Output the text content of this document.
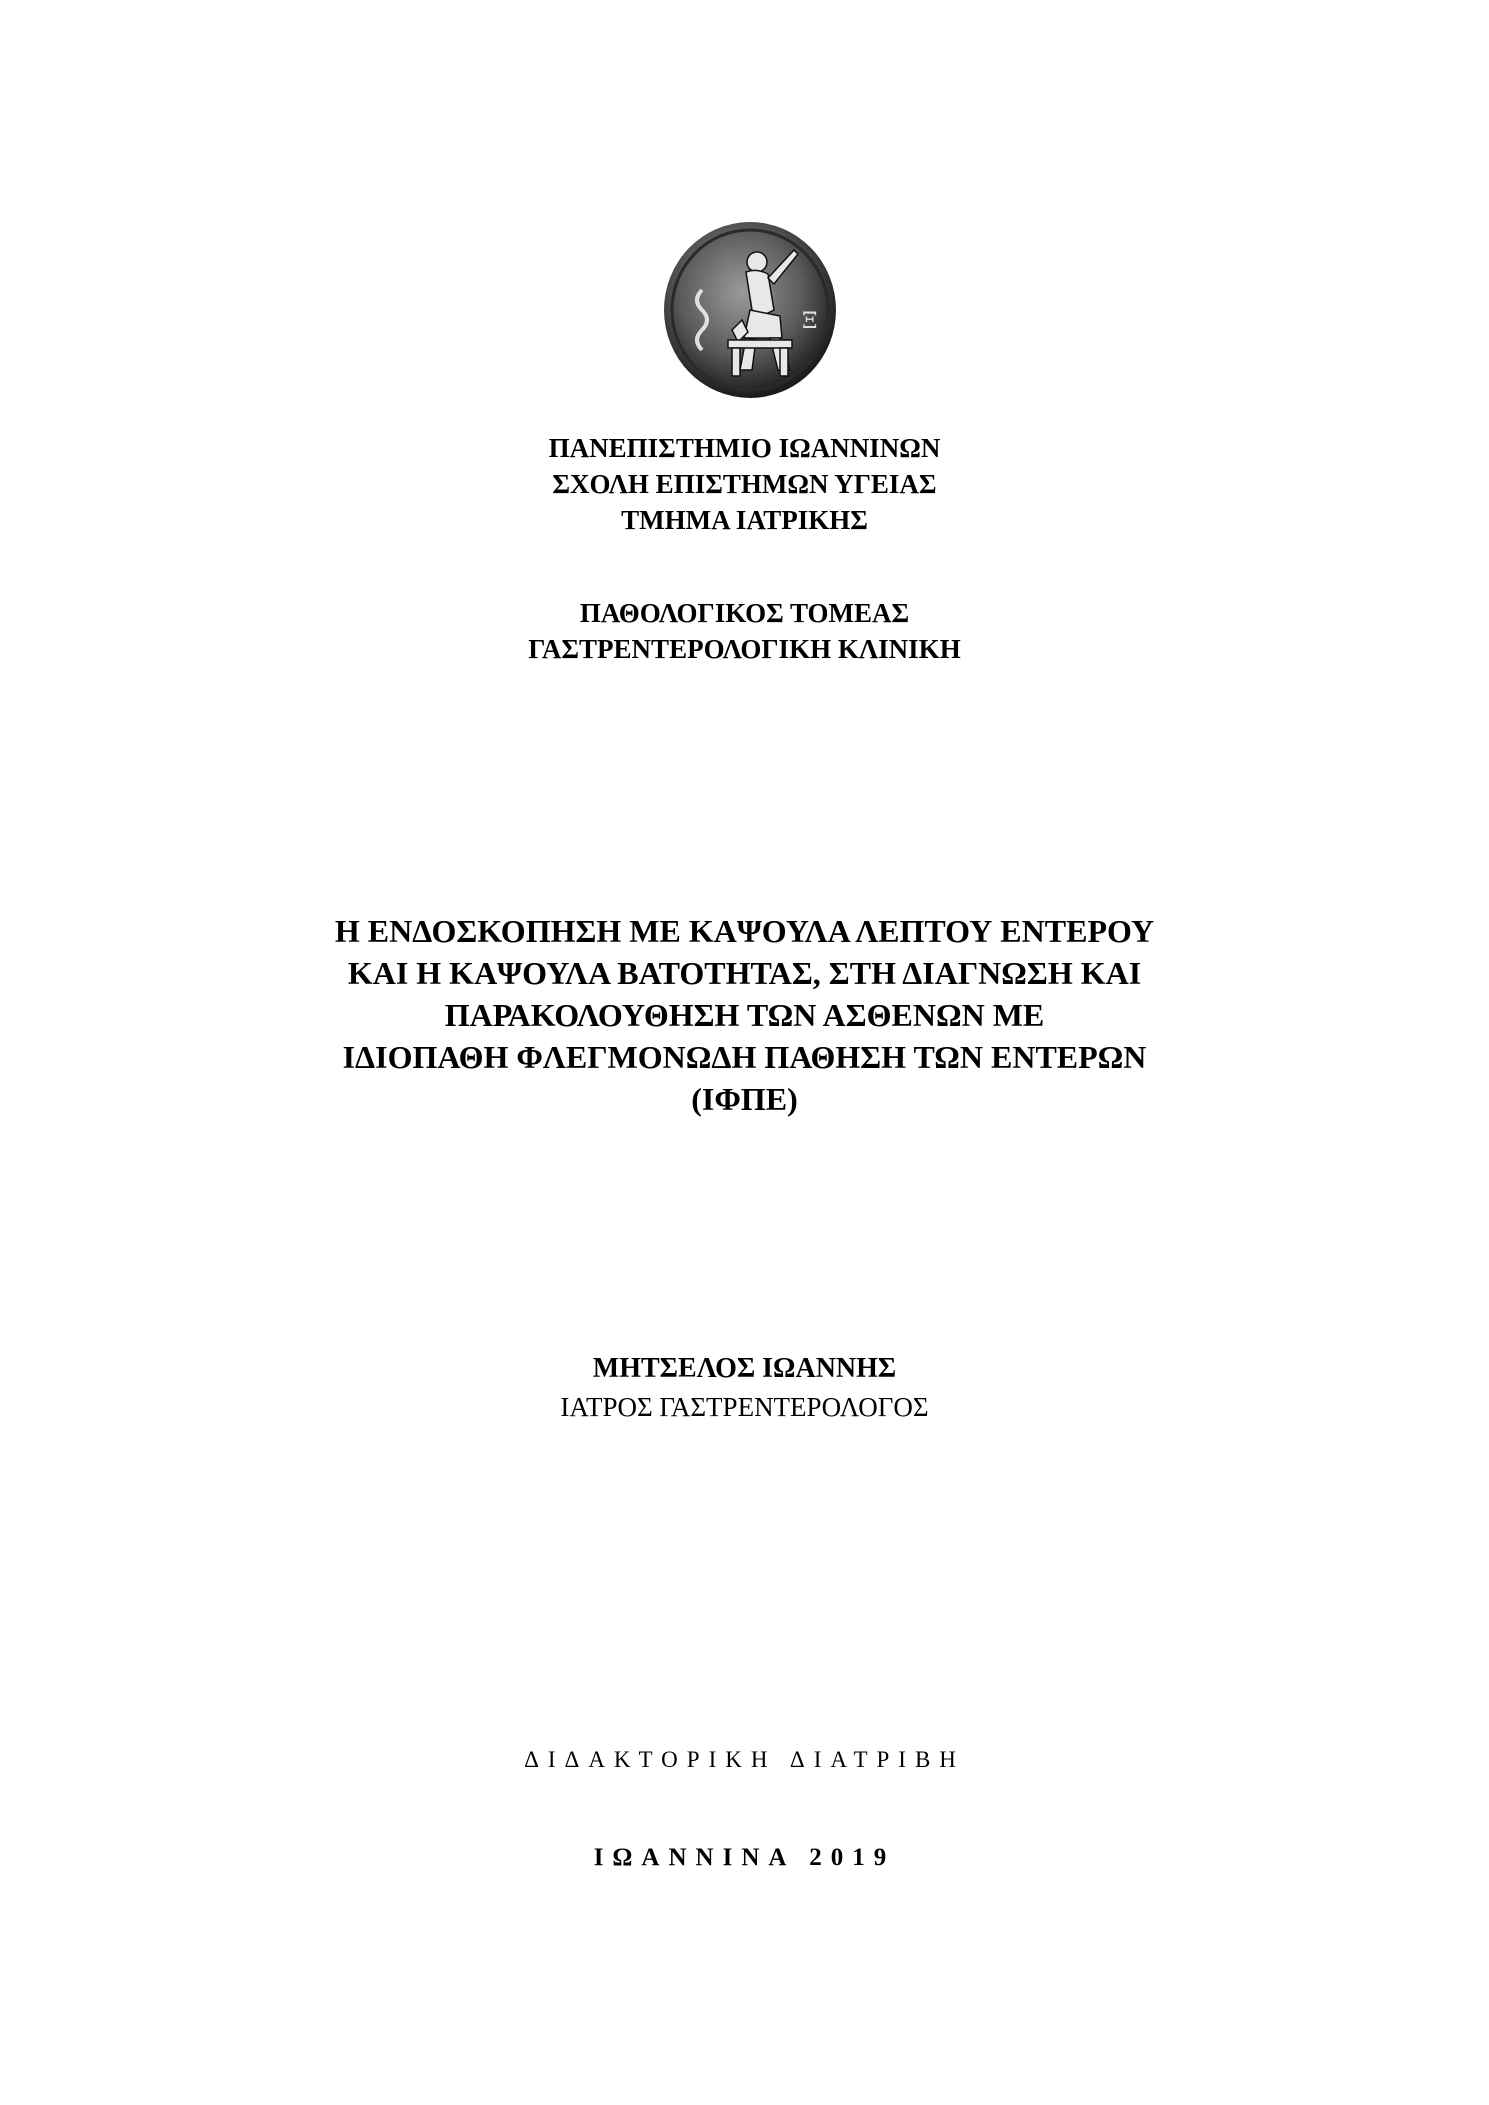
Ξ
ΠΑΝΕΠΙΣΤΗΜΙΟ ΙΩΑΝΝΙΝΩΝ
ΣΧΟΛΗ ΕΠΙΣΤΗΜΩΝ ΥΓΕΙΑΣ
ΤΜΗΜΑ ΙΑΤΡΙΚΗΣ
ΠΑΘΟΛΟΓΙΚΟΣ ΤΟΜΕΑΣ
ΓΑΣΤΡΕΝΤΕΡΟΛΟΓΙΚΗ ΚΛΙΝΙΚΗ
Η ΕΝΔΟΣΚΟΠΗΣΗ ΜΕ ΚΑΨΟΥΛΑ ΛΕΠΤΟΥ ΕΝΤΕΡΟΥ
ΚΑΙ Η ΚΑΨΟΥΛΑ ΒΑΤΟΤΗΤΑΣ, ΣΤΗ ΔΙΑΓΝΩΣΗ ΚΑΙ
ΠΑΡΑΚΟΛΟΥΘΗΣΗ ΤΩΝ ΑΣΘΕΝΩΝ ΜΕ
ΙΔΙΟΠΑΘΗ ΦΛΕΓΜΟΝΩΔΗ ΠΑΘΗΣΗ ΤΩΝ ΕΝΤΕΡΩΝ
(ΙΦΠΕ)
ΜΗΤΣΕΛΟΣ ΙΩΑΝΝΗΣ
ΙΑΤΡΟΣ ΓΑΣΤΡΕΝΤΕΡΟΛΟΓΟΣ
ΔΙΔΑΚΤΟΡΙΚΗ ΔΙΑΤΡΙΒΗ
ΙΩΑΝΝΙΝΑ 2019
